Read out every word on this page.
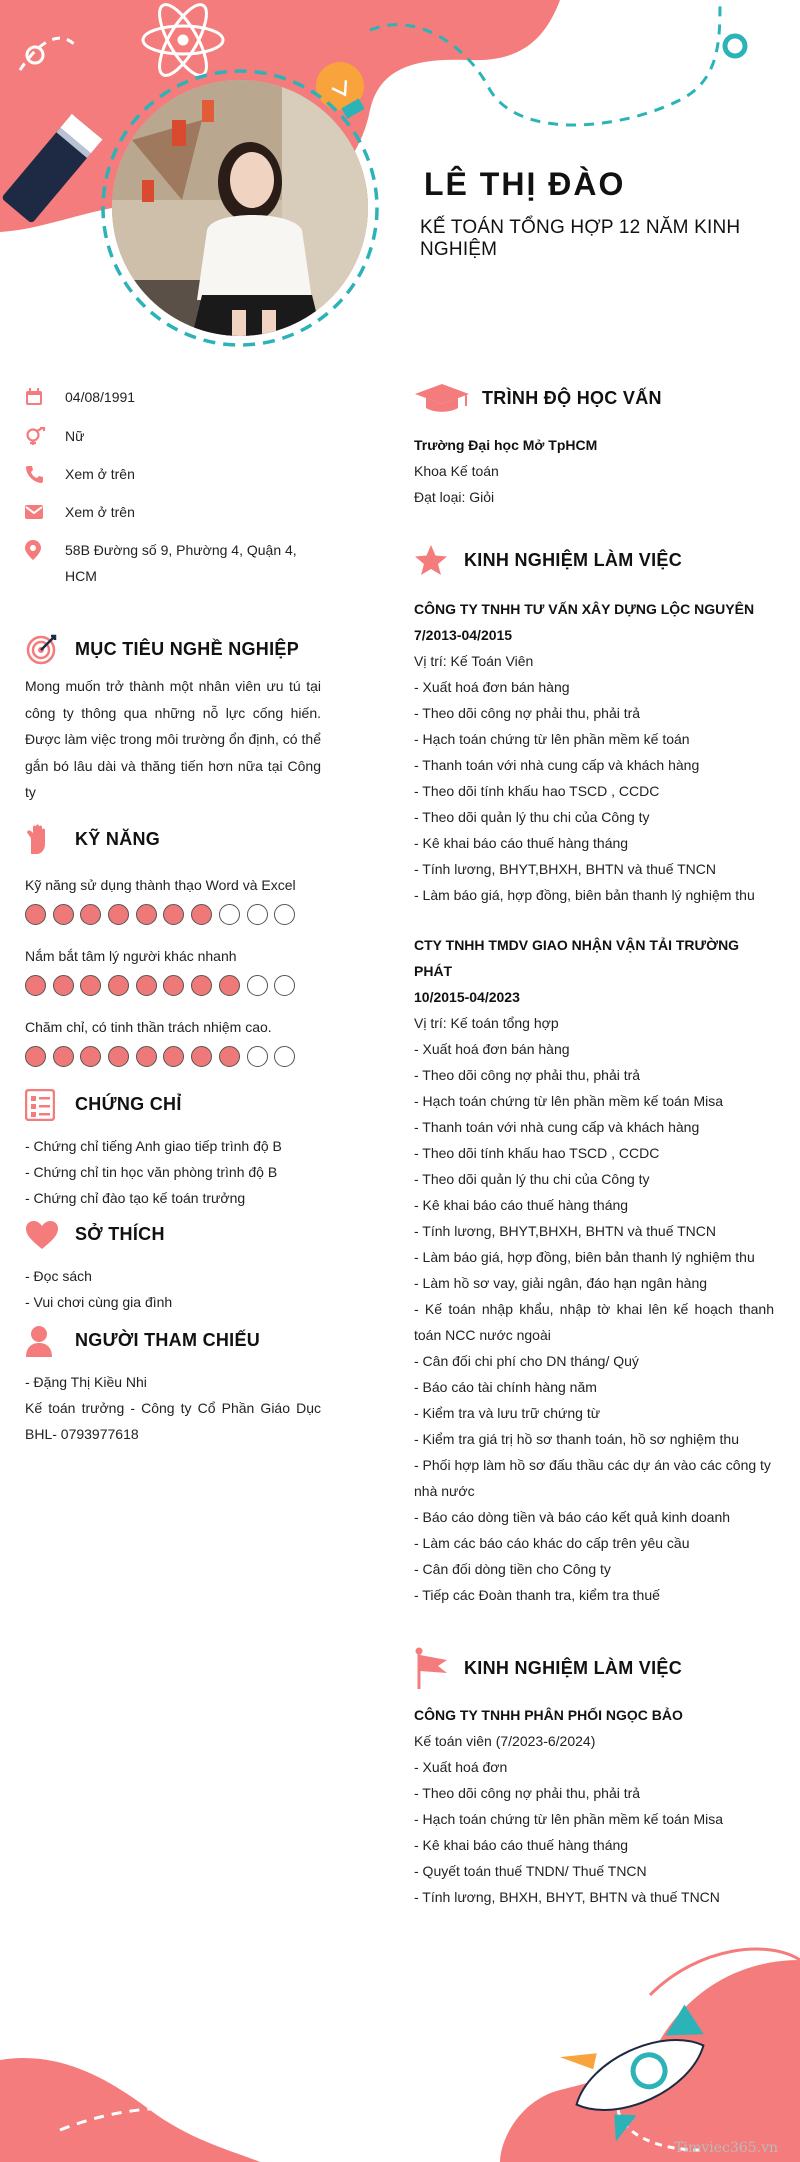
LÊ THỊ ĐÀO
KẾ TOÁN TỔNG HỢP 12 NĂM KINH NGHIỆM
04/08/1991
Nữ
Xem ở trên
Xem ở trên
58B Đường số 9, Phường 4, Quận 4, HCM
MỤC TIÊU NGHỀ NGHIỆP
Mong muốn trở thành một nhân viên ưu tú tại công ty thông qua những nỗ lực cống hiến. Được làm việc trong môi trường ổn định, có thể gắn bó lâu dài và thăng tiến hơn nữa tại Công ty
KỸ NĂNG
Kỹ năng sử dụng thành thạo Word và Excel
Nắm bắt tâm lý người khác nhanh
Chăm chỉ, có tinh thần trách nhiệm cao.
CHỨNG CHỈ
- Chứng chỉ tiếng Anh giao tiếp trình độ B
- Chứng chỉ tin học văn phòng trình độ B
- Chứng chỉ đào tạo kế toán trưởng
SỞ THÍCH
- Đọc sách
- Vui chơi cùng gia đình
NGƯỜI THAM CHIẾU
- Đặng Thị Kiều Nhi
Kế toán trưởng - Công ty Cổ Phần Giáo Dục BHL- 0793977618
TRÌNH ĐỘ HỌC VẤN
Trường Đại học Mở TpHCM
Khoa Kế toán
Đạt loại: Giỏi
KINH NGHIỆM LÀM VIỆC
CÔNG TY TNHH TƯ VẤN XÂY DỰNG LỘC NGUYÊN
7/2013-04/2015
Vị trí: Kế Toán Viên
- Xuất hoá đơn bán hàng
- Theo dõi công nợ phải thu, phải trả
- Hạch toán chứng từ lên phần mềm kế toán
- Thanh toán với nhà cung cấp và khách hàng
- Theo dõi tính khấu hao TSCD , CCDC
- Theo dõi quản lý thu chi của Công ty
- Kê khai báo cáo thuế hàng tháng
- Tính lương, BHYT,BHXH, BHTN và thuế TNCN
- Làm báo giá, hợp đồng, biên bản thanh lý nghiệm thu
CTY TNHH TMDV GIAO NHẬN VẬN TẢI TRƯỜNG PHÁT
10/2015-04/2023
Vị trí: Kế toán tổng hợp
- Xuất hoá đơn bán hàng
- Theo dõi công nợ phải thu, phải trả
- Hạch toán chứng từ lên phần mềm kế toán Misa
- Thanh toán với nhà cung cấp và khách hàng
- Theo dõi tính khấu hao TSCD , CCDC
- Theo dõi quản lý thu chi của Công ty
- Kê khai báo cáo thuế hàng tháng
- Tính lương, BHYT,BHXH, BHTN và thuế TNCN
- Làm báo giá, hợp đồng, biên bản thanh lý nghiệm thu
- Làm hồ sơ vay, giải ngân, đáo hạn ngân hàng
- Kế toán nhập khẩu, nhập tờ khai lên kế hoạch thanh toán NCC nước ngoài
- Cân đối chi phí cho DN tháng/ Quý
- Báo cáo tài chính hàng năm
- Kiểm tra và lưu trữ chứng từ
- Kiểm tra giá trị hồ sơ thanh toán, hồ sơ nghiệm thu
- Phối hợp làm hồ sơ đấu thầu các dự án vào các công ty nhà nước
- Báo cáo dòng tiền và báo cáo kết quả kinh doanh
- Làm các báo cáo khác do cấp trên yêu cầu
- Cân đối dòng tiền cho Công ty
- Tiếp các Đoàn thanh tra, kiểm tra thuế
KINH NGHIỆM LÀM VIỆC
CÔNG TY TNHH PHÂN PHỐI NGỌC BẢO
Kế toán viên (7/2023-6/2024)
- Xuất hoá đơn
- Theo dõi công nợ phải thu, phải trả
- Hạch toán chứng từ lên phần mềm kế toán Misa
- Kê khai báo cáo thuế hàng tháng
- Quyết toán thuế TNDN/ Thuế TNCN
- Tính lương, BHXH, BHYT, BHTN và thuế TNCN
Timviec365.vn
